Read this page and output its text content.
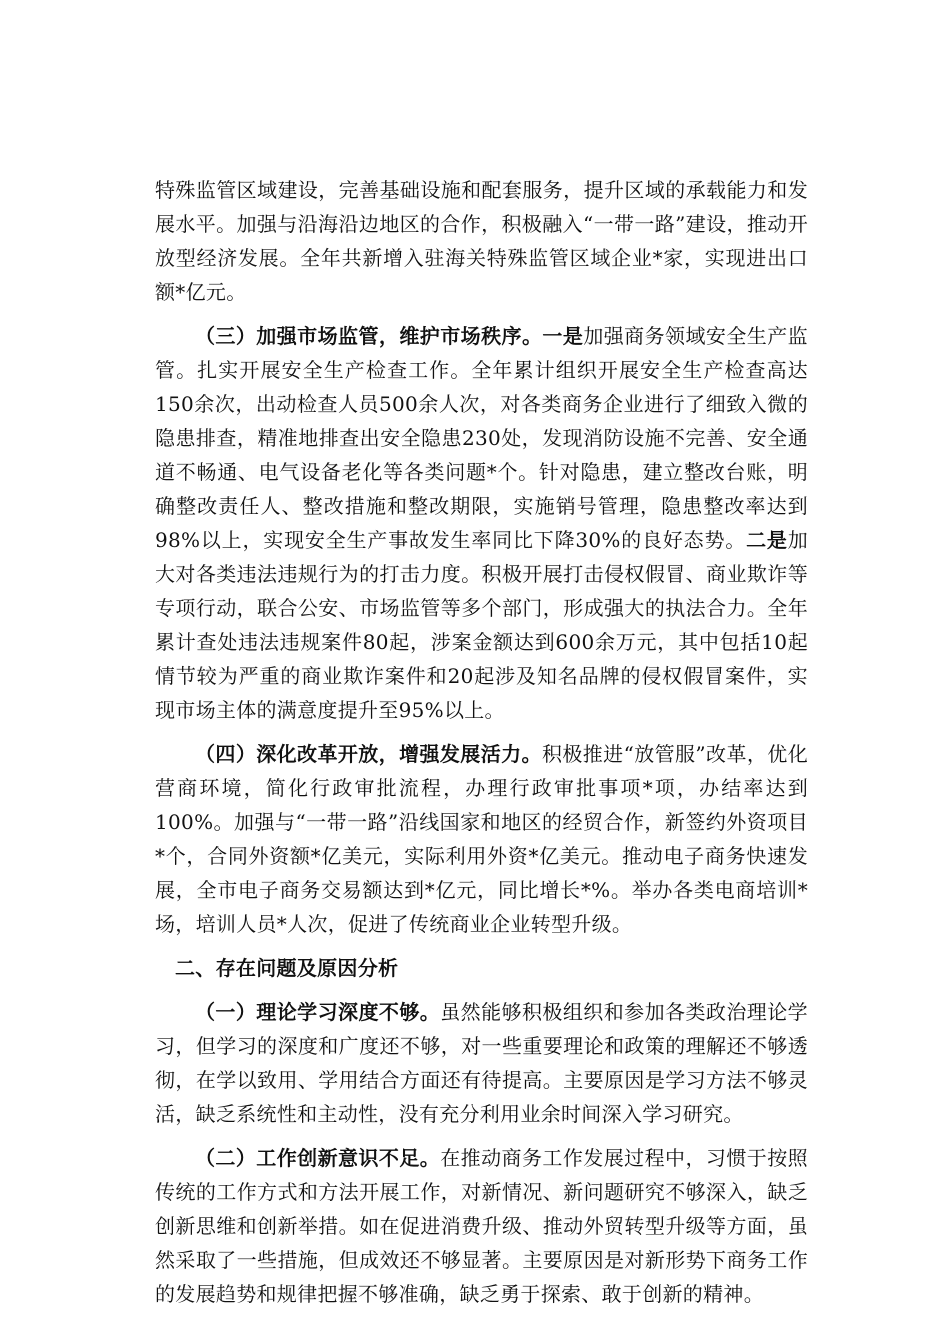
特殊监管区域建设，完善基础设施和配套服务，提升区域的承载能力和发展水平。加强与沿海沿边地区的合作，积极融入“一带一路”建设，推动开放型经济发展。全年共新增入驻海关特殊监管区域企业*家，实现进出口额*亿元。

（三）加强市场监管，维护市场秩序。一是加强商务领域安全生产监管。扎实开展安全生产检查工作。全年累计组织开展安全生产检查高达150余次，出动检查人员500余人次，对各类商务企业进行了细致入微的隐患排查，精准地排查出安全隐患230处，发现消防设施不完善、安全通道不畅通、电气设备老化等各类问题*个。针对隐患，建立整改台账，明确整改责任人、整改措施和整改期限，实施销号管理，隐患整改率达到98%以上，实现安全生产事故发生率同比下降30%的良好态势。二是加大对各类违法违规行为的打击力度。积极开展打击侵权假冒、商业欺诈等专项行动，联合公安、市场监管等多个部门，形成强大的执法合力。全年累计查处违法违规案件80起，涉案金额达到600余万元，其中包括10起情节较为严重的商业欺诈案件和20起涉及知名品牌的侵权假冒案件，实现市场主体的满意度提升至95%以上。

（四）深化改革开放，增强发展活力。积极推进“放管服”改革，优化营商环境，简化行政审批流程，办理行政审批事项*项，办结率达到100%。加强与“一带一路”沿线国家和地区的经贸合作，新签约外资项目*个，合同外资额*亿美元，实际利用外资*亿美元。推动电子商务快速发展，全市电子商务交易额达到*亿元，同比增长*%。举办各类电商培训*场，培训人员*人次，促进了传统商业企业转型升级。

二、存在问题及原因分析

（一）理论学习深度不够。虽然能够积极组织和参加各类政治理论学习，但学习的深度和广度还不够，对一些重要理论和政策的理解还不够透彻，在学以致用、学用结合方面还有待提高。主要原因是学习方法不够灵活，缺乏系统性和主动性，没有充分利用业余时间深入学习研究。

（二）工作创新意识不足。在推动商务工作发展过程中，习惯于按照传统的工作方式和方法开展工作，对新情况、新问题研究不够深入，缺乏创新思维和创新举措。如在促进消费升级、推动外贸转型升级等方面，虽然采取了一些措施，但成效还不够显著。主要原因是对新形势下商务工作的发展趋势和规律把握不够准确，缺乏勇于探索、敢于创新的精神。
